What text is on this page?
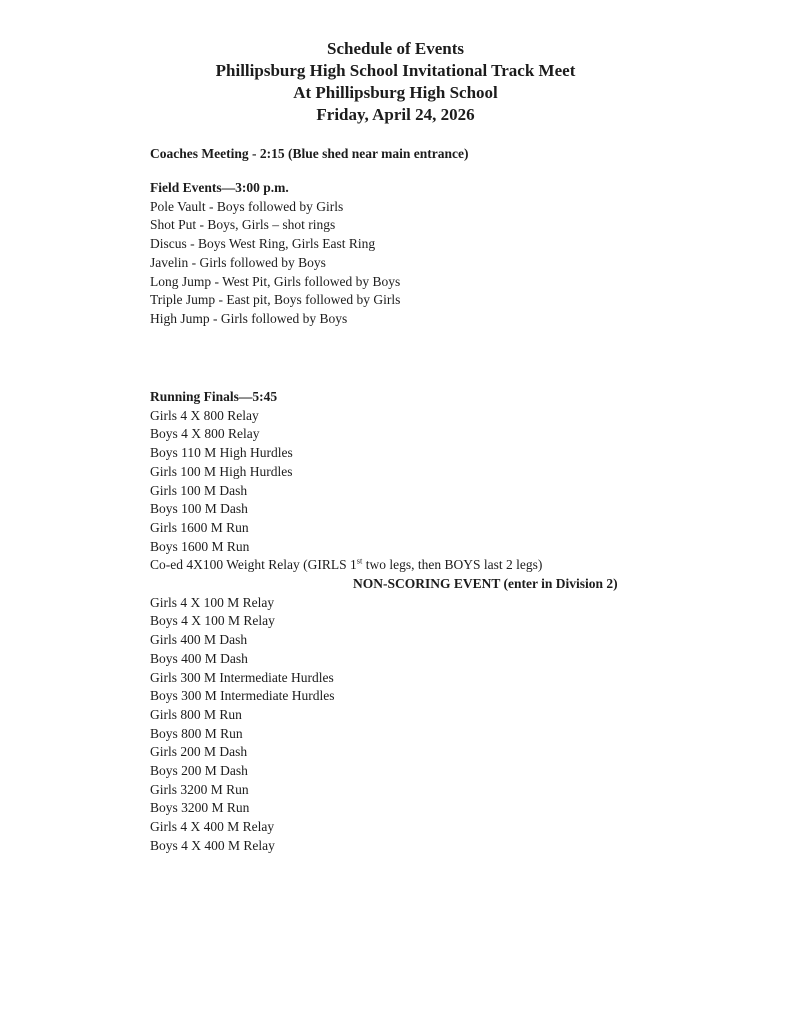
Schedule of Events
Phillipsburg High School Invitational Track Meet
At Phillipsburg High School
Friday, April 24, 2026
Coaches Meeting - 2:15 (Blue shed near main entrance)
Field Events—3:00 p.m.
Pole Vault - Boys followed by Girls
Shot Put - Boys, Girls – shot rings
Discus - Boys West Ring, Girls East Ring
Javelin - Girls followed by Boys
Long Jump - West Pit, Girls followed by Boys
Triple Jump - East pit, Boys followed by Girls
High Jump - Girls followed by Boys
Running Finals—5:45
Girls 4 X 800 Relay
Boys 4 X 800 Relay
Boys 110 M High Hurdles
Girls 100 M High Hurdles
Girls 100 M Dash
Boys 100 M Dash
Girls 1600 M Run
Boys 1600 M Run
Co-ed 4X100 Weight Relay (GIRLS 1st two legs, then BOYS last 2 legs)
NON-SCORING EVENT (enter in Division 2)
Girls 4 X 100 M Relay
Boys 4 X 100 M Relay
Girls 400 M Dash
Boys 400 M Dash
Girls 300 M Intermediate Hurdles
Boys 300 M Intermediate Hurdles
Girls 800 M Run
Boys 800 M Run
Girls 200 M Dash
Boys 200 M Dash
Girls 3200 M Run
Boys 3200 M Run
Girls 4 X 400 M Relay
Boys 4 X 400 M Relay
